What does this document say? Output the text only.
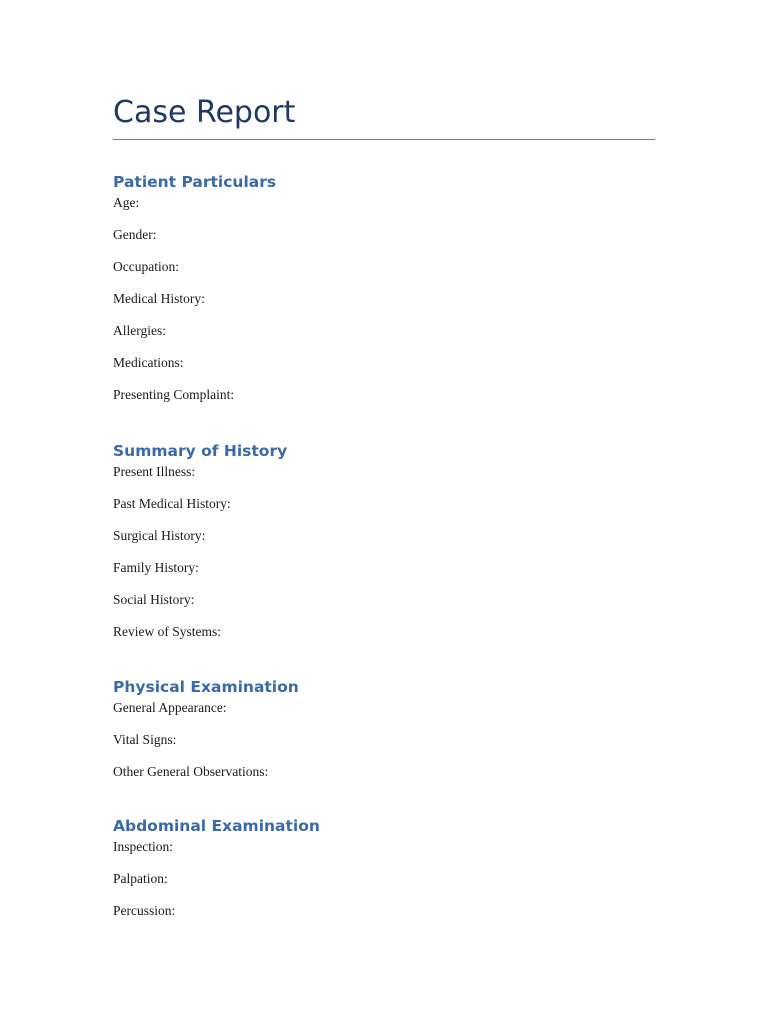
Case Report
Patient Particulars
Age:
Gender:
Occupation:
Medical History:
Allergies:
Medications:
Presenting Complaint:
Summary of History
Present Illness:
Past Medical History:
Surgical History:
Family History:
Social History:
Review of Systems:
Physical Examination
General Appearance:
Vital Signs:
Other General Observations:
Abdominal Examination
Inspection:
Palpation:
Percussion:
